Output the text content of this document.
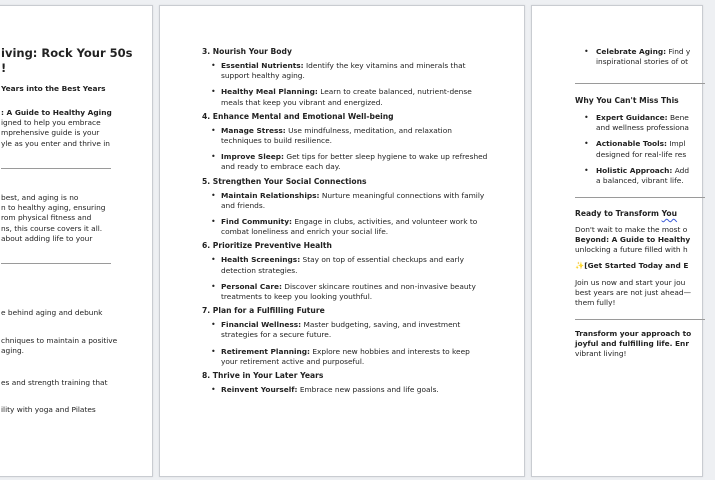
iving: Rock Your 50s
!
Years into the Best Years
: A Guide to Healthy Aging
igned to help you embrace
mprehensive guide is your
yle as you enter and thrive in
best, and aging is no
n to healthy aging, ensuring
rom physical fitness and
ns, this course covers it all.
about adding life to your
e behind aging and debunk
chniques to maintain a positive
aging.
es and strength training that
ility with yoga and Pilates
3. Nourish Your Body
• Essential Nutrients: Identify the key vitamins and minerals that support healthy aging.
• Healthy Meal Planning: Learn to create balanced, nutrient-dense meals that keep you vibrant and energized.
4. Enhance Mental and Emotional Well-being
• Manage Stress: Use mindfulness, meditation, and relaxation techniques to build resilience.
• Improve Sleep: Get tips for better sleep hygiene to wake up refreshed and ready to embrace each day.
5. Strengthen Your Social Connections
• Maintain Relationships: Nurture meaningful connections with family and friends.
• Find Community: Engage in clubs, activities, and volunteer work to combat loneliness and enrich your social life.
6. Prioritize Preventive Health
• Health Screenings: Stay on top of essential checkups and early detection strategies.
• Personal Care: Discover skincare routines and non-invasive beauty treatments to keep you looking youthful.
7. Plan for a Fulfilling Future
• Financial Wellness: Master budgeting, saving, and investment strategies for a secure future.
• Retirement Planning: Explore new hobbies and interests to keep your retirement active and purposeful.
8. Thrive in Your Later Years
• Reinvent Yourself: Embrace new passions and life goals.
• Celebrate Aging: Find y
inspirational stories of ot
Why You Can't Miss This
• Expert Guidance: Bene
and wellness professiona
• Actionable Tools: Impl
designed for real-life res
• Holistic Approach: Add
a balanced, vibrant life.
Ready to Transform You
Don't wait to make the most o
Beyond: A Guide to Healthy
unlocking a future filled with h
✨[Get Started Today and E
Join us now and start your jou
best years are not just ahead—
them fully!
Transform your approach to
joyful and fulfilling life. Enr
vibrant living!
